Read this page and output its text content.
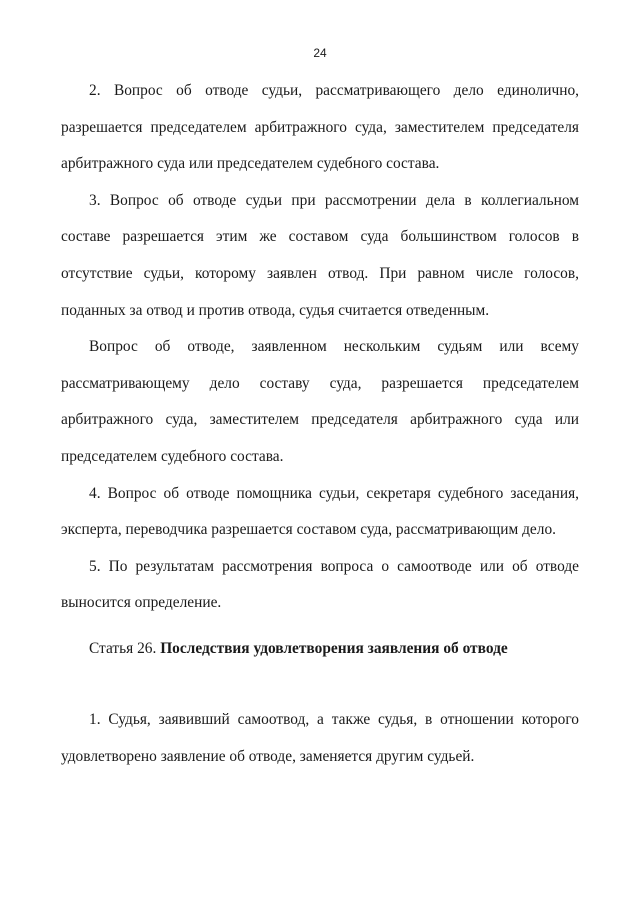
24

2. Вопрос об отводе судьи, рассматривающего дело единолично, разрешается председателем арбитражного суда, заместителем председателя арбитражного суда или председателем судебного состава.

3. Вопрос об отводе судьи при рассмотрении дела в коллегиальном составе разрешается этим же составом суда большинством голосов в отсутствие судьи, которому заявлен отвод. При равном числе голосов, поданных за отвод и против отвода, судья считается отведенным.

Вопрос об отводе, заявленном нескольким судьям или всему рассматривающему дело составу суда, разрешается председателем арбитражного суда, заместителем председателя арбитражного суда или председателем судебного состава.

4. Вопрос об отводе помощника судьи, секретаря судебного заседания, эксперта, переводчика разрешается составом суда, рассматривающим дело.

5. По результатам рассмотрения вопроса о самоотводе или об отводе выносится определение.

Статья 26. Последствия удовлетворения заявления об отводе

1. Судья, заявивший самоотвод, а также судья, в отношении которого удовлетворено заявление об отводе, заменяется другим судьей.
